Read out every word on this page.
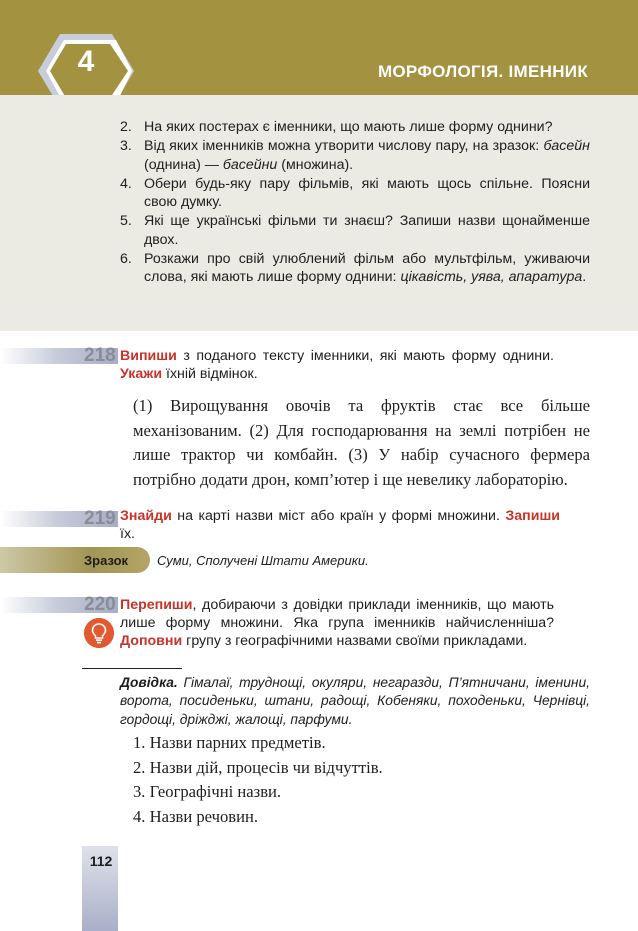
4	МОРФОЛОГІЯ. ІМЕННИК
2. На яких постерах є іменники, що мають лише форму однини?
3. Від яких іменників можна утворити числову пару, на зразок: басейн (однина) — басейни (множина).
4. Обери будь-яку пару фільмів, які мають щось спільне. Поясни свою думку.
5. Які ще українські фільми ти знаєш? Запиши назви щонайменше двох.
6. Розкажи про свій улюблений фільм або мультфільм, уживаючи слова, які мають лише форму однини: цікавість, уява, апаратура.
218 Випиши з поданого тексту іменники, які мають форму однини. Укажи їхній відмінок.
(1) Вирощування овочів та фруктів стає все більше механізованим. (2) Для господарювання на землі потрібен не лише трактор чи комбайн. (3) У набір сучасного фермера потрібно додати дрон, комп’ютер і ще невелику лабораторію.
219 Знайди на карті назви міст або країн у формі множини. Запиши їх.
Зразок Суми, Сполучені Штати Америки.
220 Перепиши, добираючи з довідки приклади іменників, що мають лише форму множини. Яка група іменників найчисленніша? Доповни групу з географічними назвами своїми прикладами.
Довідка. Гімалаї, труднощі, окуляри, негаразди, П’ятничани, іменини, ворота, посиденьки, штани, радощі, Кобеняки, походеньки, Чернівці, гордощі, дріжджі, жалощі, парфуми.
1. Назви парних предметів.
2. Назви дій, процесів чи відчуттів.
3. Географічні назви.
4. Назви речовин.
112
